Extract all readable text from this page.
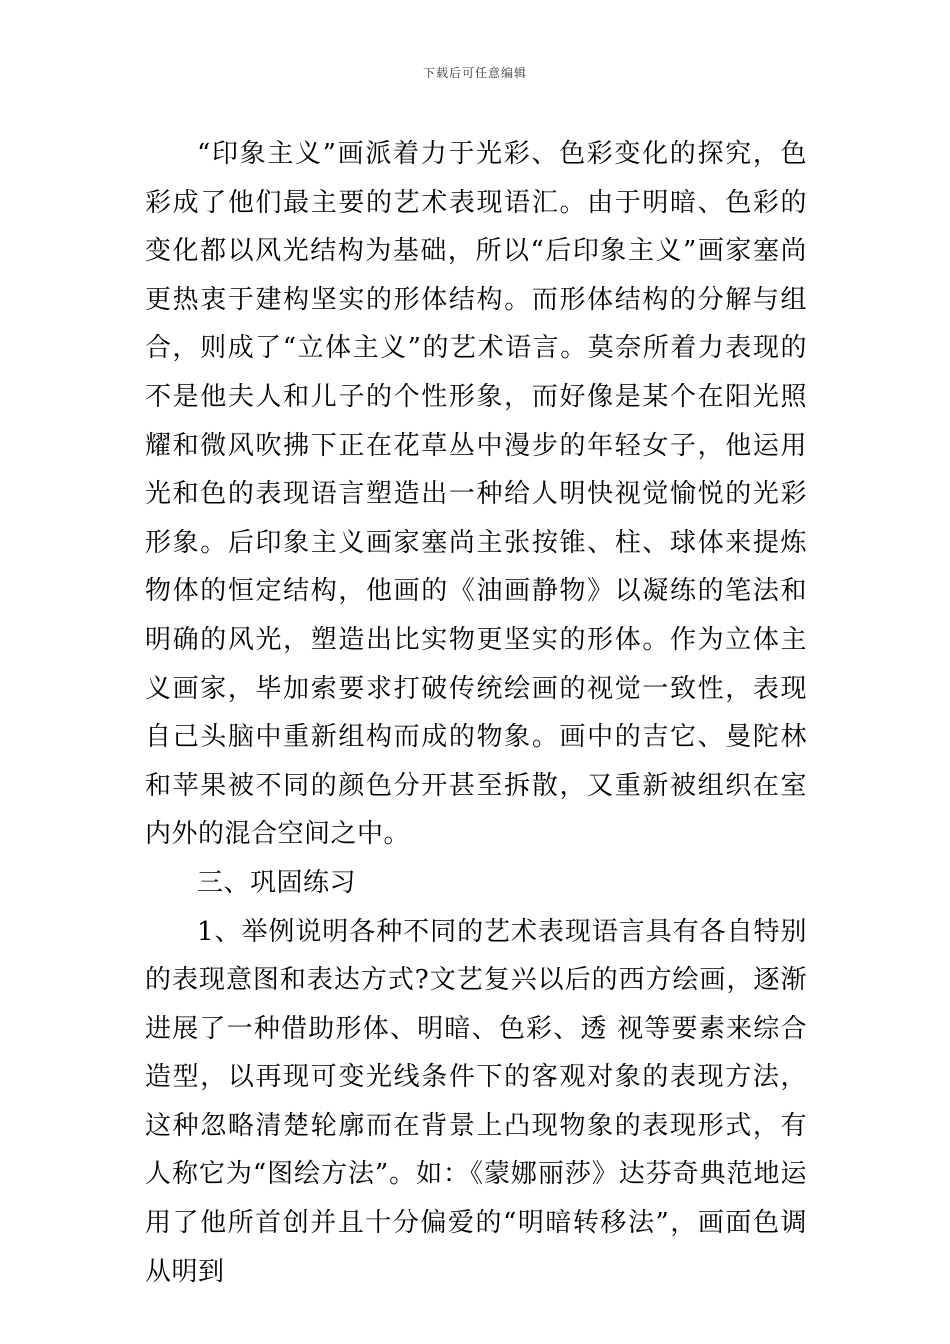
下载后可任意编辑

“印象主义”画派着力于光彩、色彩变化的探究，色彩成了他们最主要的艺术表现语汇。由于明暗、色彩的变化都以风光结构为基础，所以“后印象主义”画家塞尚更热衷于建构坚实的形体结构。而形体结构的分解与组合，则成了“立体主义”的艺术语言。莫奈所着力表现的不是他夫人和儿子的个性形象，而好像是某个在阳光照耀和微风吹拂下正在花草丛中漫步的年轻女子，他运用光和色的表现语言塑造出一种给人明快视觉愉悦的光彩形象。后印象主义画家塞尚主张按锥、柱、球体来提炼物体的恒定结构，他画的《油画静物》以凝练的笔法和明确的风光，塑造出比实物更坚实的形体。作为立体主义画家，毕加索要求打破传统绘画的视觉一致性，表现自己头脑中重新组构而成的物象。画中的吉它、曼陀林和苹果被不同的颜色分开甚至拆散，又重新被组织在室内外的混合空间之中。

三、巩固练习

1、举例说明各种不同的艺术表现语言具有各自特别的表现意图和表达方式?文艺复兴以后的西方绘画，逐渐进展了一种借助形体、明暗、色彩、透 视等要素来综合造型，以再现可变光线条件下的客观对象的表现方法，这种忽略清楚轮廓而在背景上凸现物象的表现形式，有人称它为“图绘方法”。如：《蒙娜丽莎》达芬奇典范地运用了他所首创并且十分偏爱的“明暗转移法”，画面色调从明到
